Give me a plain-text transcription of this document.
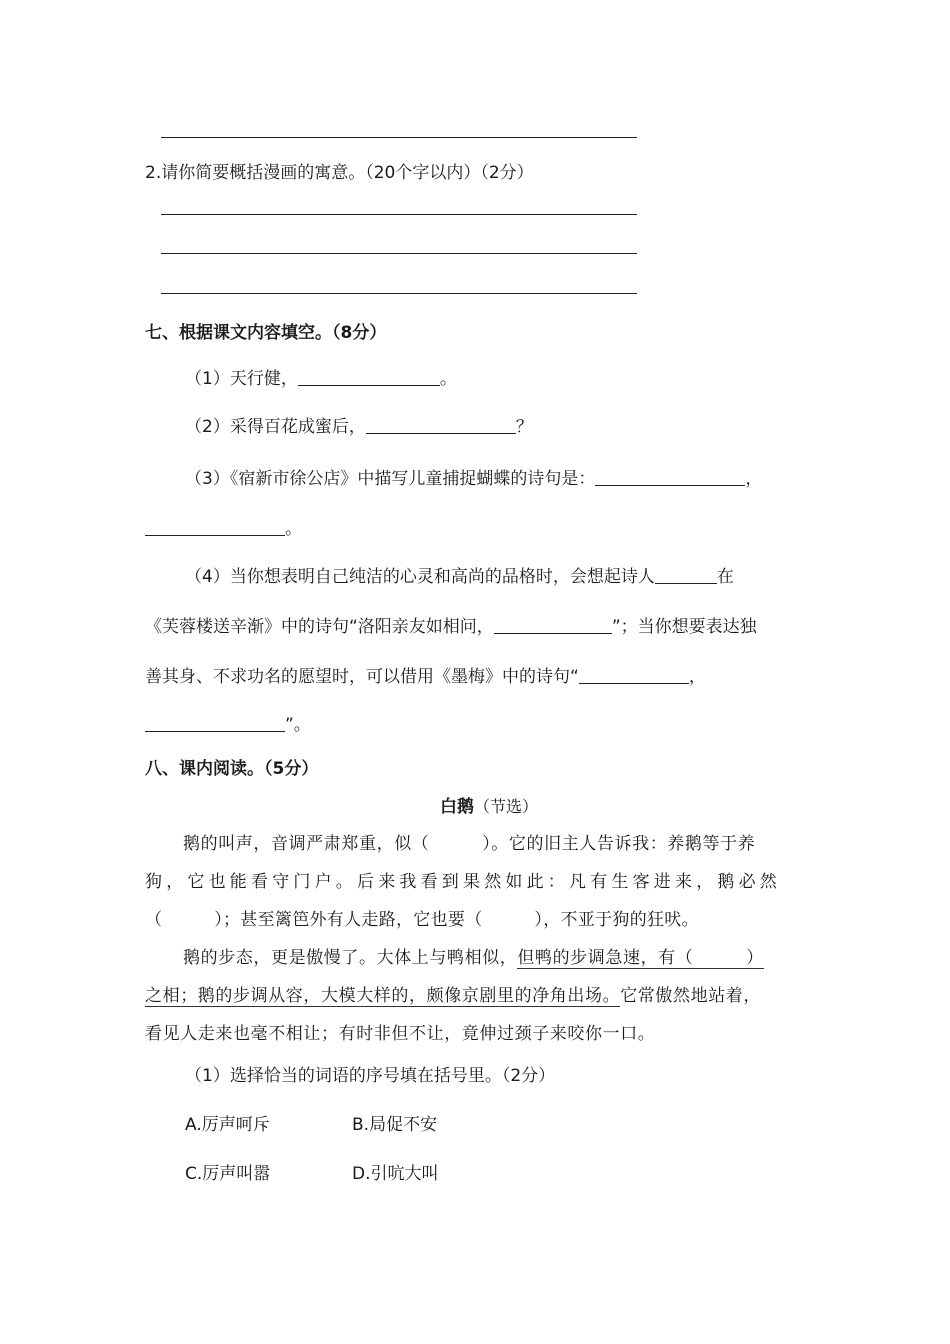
2.请你简要概括漫画的寓意。（20个字以内）（2分）
七、根据课文内容填空。（8分）
（1）天行健，	。
（2）采得百花成蜜后，	？
（3）《宿新市徐公店》中描写儿童捕捉蝴蝶的诗句是：	，
。
（4）当你想表明自己纯洁的心灵和高尚的品格时，会想起诗人	在
《芙蓉楼送辛渐》中的诗句“洛阳亲友如相问，	”；当你想要表达独
善其身、不求功名的愿望时，可以借用《墨梅》中的诗句“	，
”。
八、课内阅读。（5分）
白鹅（节选）
鹅的叫声，音调严肃郑重，似（　　　）。它的旧主人告诉我：养鹅等于养
狗，它也能看守门户。后来我看到果然如此：凡有生客进来，鹅必然
（　　　）；甚至篱笆外有人走路，它也要（　　　），不亚于狗的狂吠。
鹅的步态，更是傲慢了。大体上与鸭相似，但鸭的步调急速，有（　　　）
之相；鹅的步调从容，大模大样的，颇像京剧里的净角出场。它常傲然地站着，
看见人走来也毫不相让；有时非但不让，竟伸过颈子来咬你一口。
（1）选择恰当的词语的序号填在括号里。（2分）
A.厉声呵斥	B.局促不安
C.厉声叫嚣	D.引吭大叫
